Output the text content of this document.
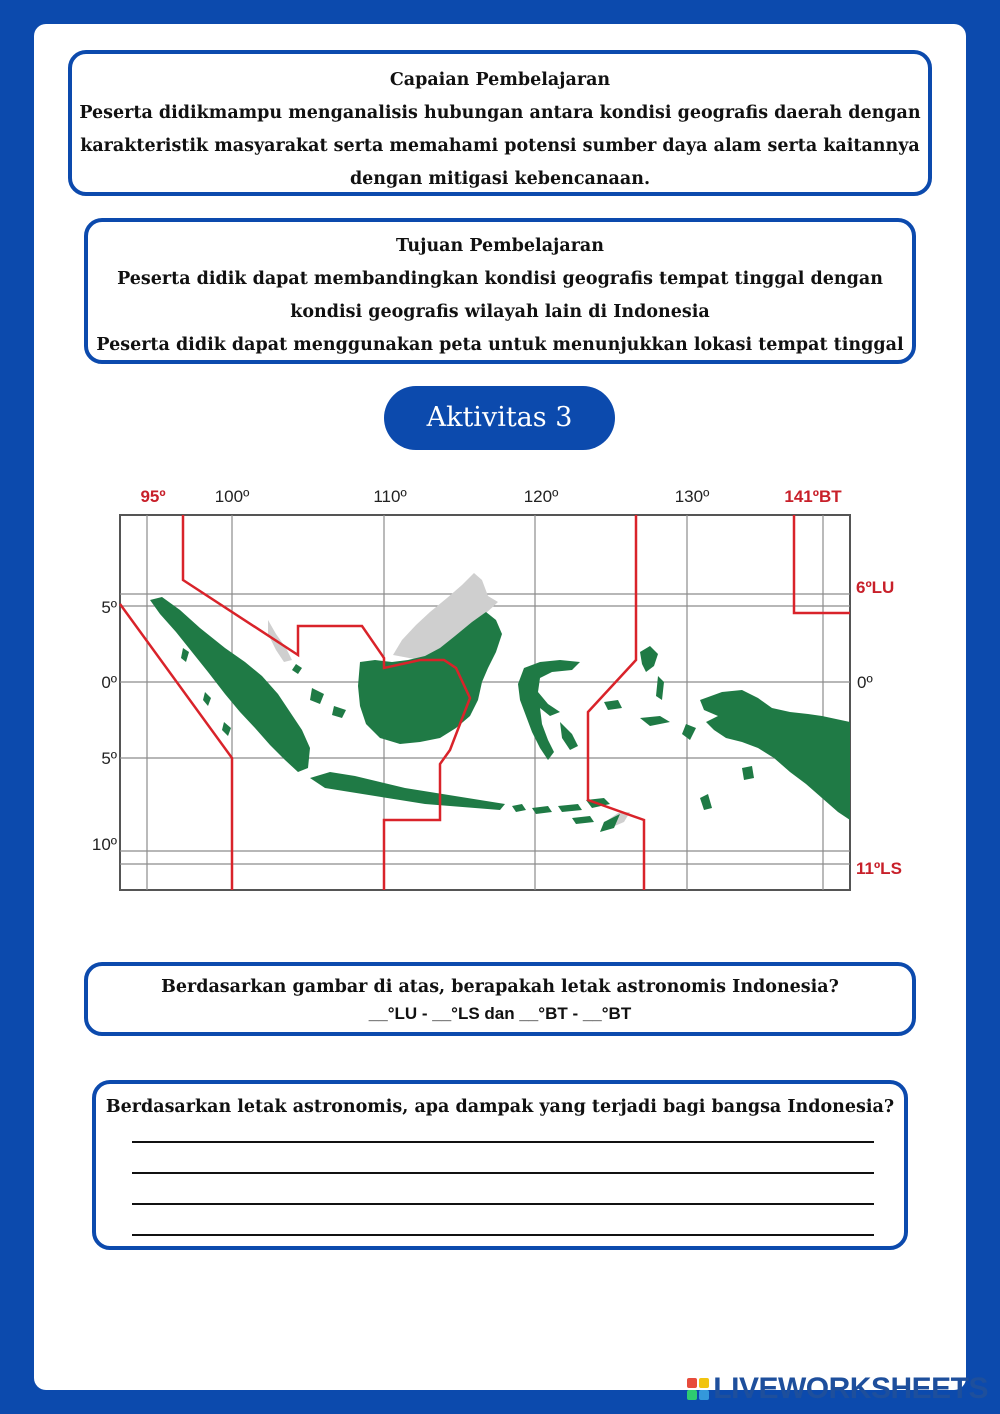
Capaian Pembelajaran

Peserta didikmampu menganalisis hubungan antara kondisi geografis daerah dengan

karakteristik masyarakat serta memahami potensi sumber daya alam serta kaitannya

dengan mitigasi kebencanaan.

Tujuan Pembelajaran

Peserta didik dapat membandingkan kondisi geografis tempat tinggal dengan

kondisi geografis wilayah lain di Indonesia

Peserta didik dapat menggunakan peta untuk menunjukkan lokasi tempat tinggal

Aktivitas 3
95º	100º	110º	120º	130º	141ºBT
5º
0º
5º
10º
6ºLU
0º
11ºLS

Berdasarkan gambar di atas, berapakah letak astronomis Indonesia?

__°LU - __°LS dan __°BT - __°BT

Berdasarkan letak astronomis, apa dampak yang terjadi bagi bangsa Indonesia?

LIVEWORKSHEETS
